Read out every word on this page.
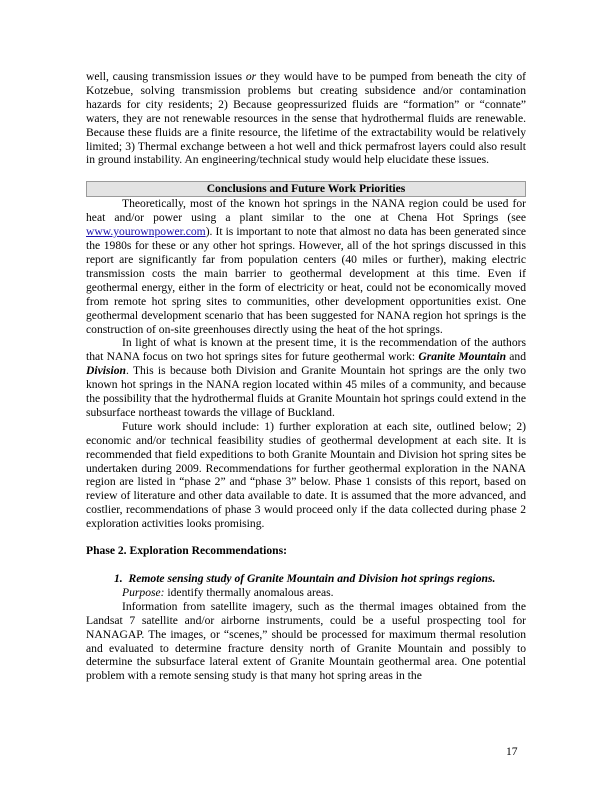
well, causing transmission issues or they would have to be pumped from beneath the city of Kotzebue, solving transmission problems but creating subsidence and/or contamination hazards for city residents; 2) Because geopressurized fluids are “formation” or “connate” waters, they are not renewable resources in the sense that hydrothermal fluids are renewable. Because these fluids are a finite resource, the lifetime of the extractability would be relatively limited; 3) Thermal exchange between a hot well and thick permafrost layers could also result in ground instability. An engineering/technical study would help elucidate these issues.

Conclusions and Future Work Priorities

Theoretically, most of the known hot springs in the NANA region could be used for heat and/or power using a plant similar to the one at Chena Hot Springs (see www.yourownpower.com). It is important to note that almost no data has been generated since the 1980s for these or any other hot springs. However, all of the hot springs discussed in this report are significantly far from population centers (40 miles or further), making electric transmission costs the main barrier to geothermal development at this time. Even if geothermal energy, either in the form of electricity or heat, could not be economically moved from remote hot spring sites to communities, other development opportunities exist. One geothermal development scenario that has been suggested for NANA region hot springs is the construction of on-site greenhouses directly using the heat of the hot springs.

In light of what is known at the present time, it is the recommendation of the authors that NANA focus on two hot springs sites for future geothermal work: Granite Mountain and Division. This is because both Division and Granite Mountain hot springs are the only two known hot springs in the NANA region located within 45 miles of a community, and because the possibility that the hydrothermal fluids at Granite Mountain hot springs could extend in the subsurface northeast towards the village of Buckland.

Future work should include: 1) further exploration at each site, outlined below; 2) economic and/or technical feasibility studies of geothermal development at each site. It is recommended that field expeditions to both Granite Mountain and Division hot spring sites be undertaken during 2009. Recommendations for further geothermal exploration in the NANA region are listed in “phase 2” and “phase 3” below. Phase 1 consists of this report, based on review of literature and other data available to date. It is assumed that the more advanced, and costlier, recommendations of phase 3 would proceed only if the data collected during phase 2 exploration activities looks promising.

Phase 2. Exploration Recommendations:

1. Remote sensing study of Granite Mountain and Division hot springs regions.

Purpose: identify thermally anomalous areas.

Information from satellite imagery, such as the thermal images obtained from the Landsat 7 satellite and/or airborne instruments, could be a useful prospecting tool for NANAGAP. The images, or “scenes,” should be processed for maximum thermal resolution and evaluated to determine fracture density north of Granite Mountain and possibly to determine the subsurface lateral extent of Granite Mountain geothermal area. One potential problem with a remote sensing study is that many hot spring areas in the

17
